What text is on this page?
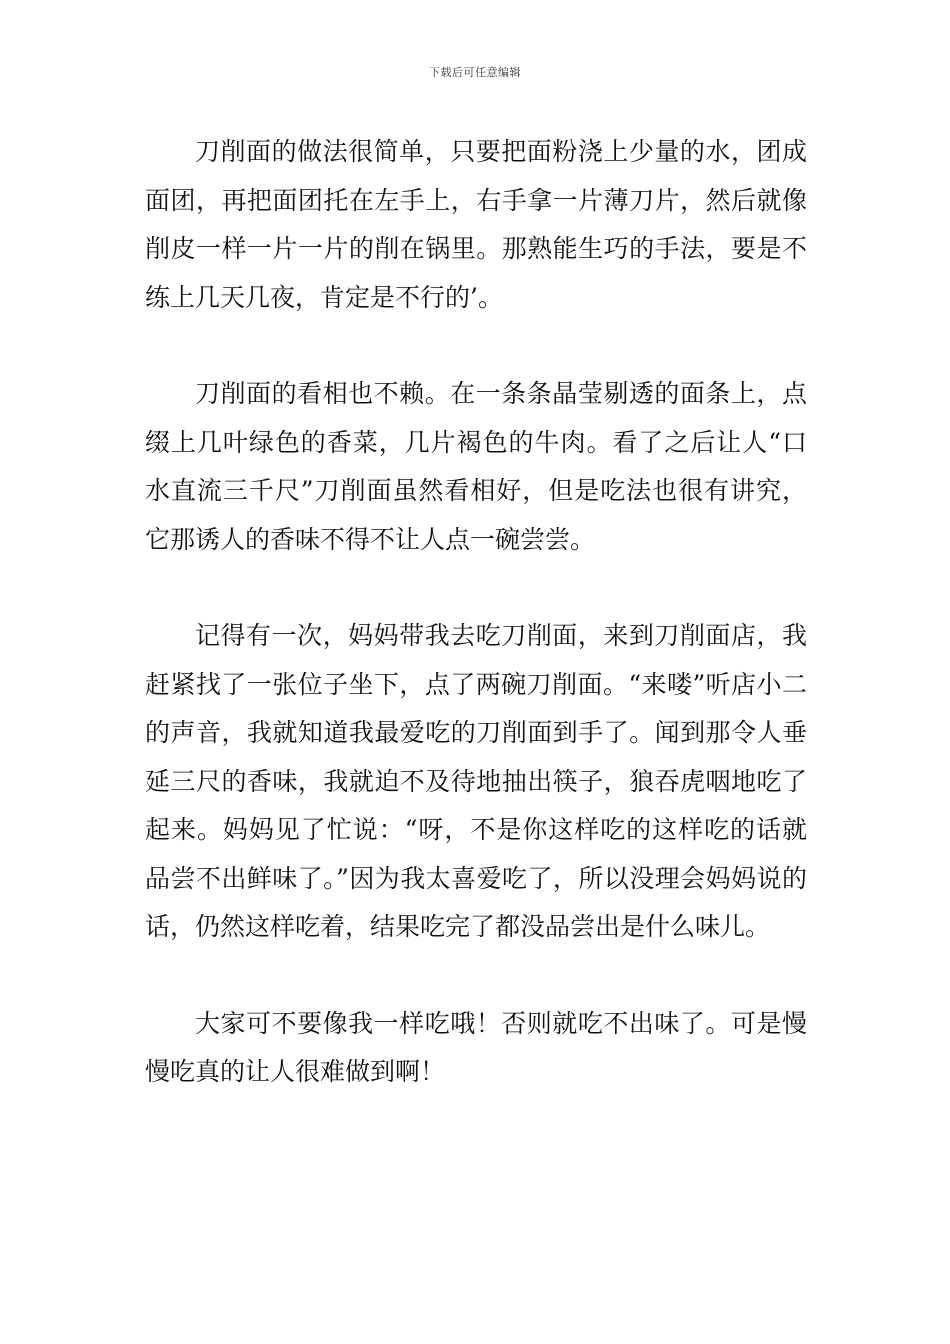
下载后可任意编辑

刀削面的做法很简单，只要把面粉浇上少量的水，团成面团，再把面团托在左手上，右手拿一片薄刀片，然后就像削皮一样一片一片的削在锅里。那熟能生巧的手法，要是不练上几天几夜，肯定是不行的’。

刀削面的看相也不赖。在一条条晶莹剔透的面条上，点缀上几叶绿色的香菜，几片褐色的牛肉。看了之后让人“口水直流三千尺”刀削面虽然看相好，但是吃法也很有讲究，它那诱人的香味不得不让人点一碗尝尝。

记得有一次，妈妈带我去吃刀削面，来到刀削面店，我赶紧找了一张位子坐下，点了两碗刀削面。“来喽”听店小二的声音，我就知道我最爱吃的刀削面到手了。闻到那令人垂延三尺的香味，我就迫不及待地抽出筷子，狼吞虎咽地吃了起来。妈妈见了忙说：“呀，不是你这样吃的这样吃的话就品尝不出鲜味了。”因为我太喜爱吃了，所以没理会妈妈说的话，仍然这样吃着，结果吃完了都没品尝出是什么味儿。

大家可不要像我一样吃哦！否则就吃不出味了。可是慢慢吃真的让人很难做到啊！
